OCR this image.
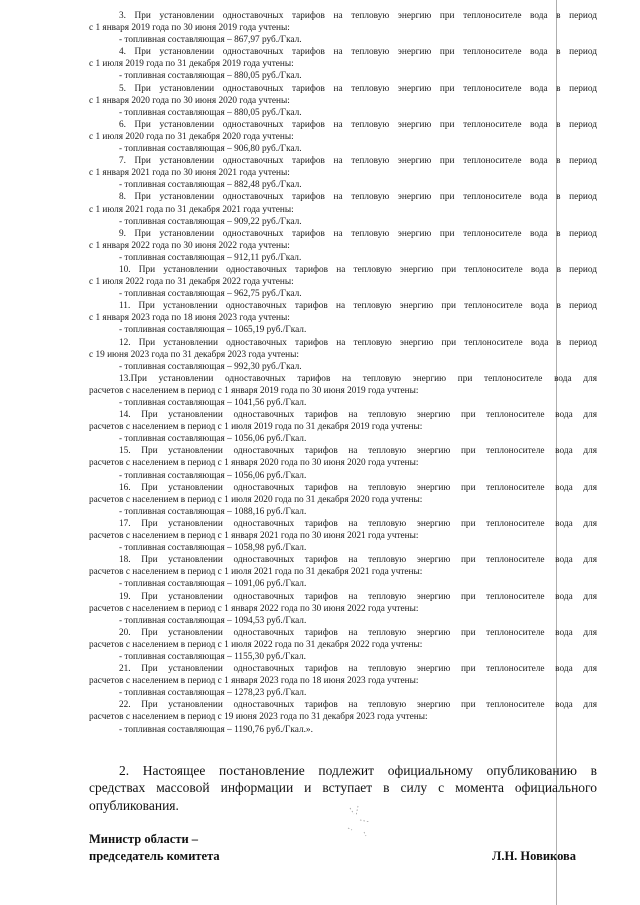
3. При установлении одноставочных тарифов на тепловую энергию при теплоносителе вода в период

с 1 января 2019 года по 30 июня 2019 года учтены:

- топливная составляющая – 867,97 руб./Гкал.

4. При установлении одноставочных тарифов на тепловую энергию при теплоносителе вода в период

с 1 июля 2019 года по 31 декабря 2019 года учтены:

- топливная составляющая – 880,05 руб./Гкал.

5. При установлении одноставочных тарифов на тепловую энергию при теплоносителе вода в период

с 1 января 2020 года по 30 июня 2020 года учтены:

- топливная составляющая – 880,05 руб./Гкал.

6. При установлении одноставочных тарифов на тепловую энергию при теплоносителе вода в период

с 1 июля 2020 года по 31 декабря 2020 года учтены:

- топливная составляющая – 906,80 руб./Гкал.

7. При установлении одноставочных тарифов на тепловую энергию при теплоносителе вода в период

с 1 января 2021 года по 30 июня 2021 года учтены:

- топливная составляющая – 882,48 руб./Гкал.

8. При установлении одноставочных тарифов на тепловую энергию при теплоносителе вода в период

с 1 июля 2021 года по 31 декабря 2021 года учтены:

- топливная составляющая – 909,22 руб./Гкал.

9. При установлении одноставочных тарифов на тепловую энергию при теплоносителе вода в период

с 1 января 2022 года по 30 июня 2022 года учтены:

- топливная составляющая – 912,11 руб./Гкал.

10. При установлении одноставочных тарифов на тепловую энергию при теплоносителе вода в период

с 1 июля 2022 года по 31 декабря 2022 года учтены:

- топливная составляющая – 962,75 руб./Гкал.

11. При установлении одноставочных тарифов на тепловую энергию при теплоносителе вода в период

с 1 января 2023 года по 18 июня 2023 года учтены:

- топливная составляющая – 1065,19 руб./Гкал.

12. При установлении одноставочных тарифов на тепловую энергию при теплоносителе вода в период

с 19 июня 2023 года по 31 декабря 2023 года учтены:

- топливная составляющая – 992,30 руб./Гкал.

13.При установлении одноставочных тарифов на тепловую энергию при теплоносителе вода для

расчетов с населением в период с 1 января 2019 года по 30 июня 2019 года учтены:

- топливная составляющая – 1041,56 руб./Гкал.

14. При установлении одноставочных тарифов на тепловую энергию при теплоносителе вода для

расчетов с населением в период с 1 июля 2019 года по 31 декабря 2019 года учтены:

- топливная составляющая – 1056,06 руб./Гкал.

15. При установлении одноставочных тарифов на тепловую энергию при теплоносителе вода для

расчетов с населением в период с 1 января 2020 года по 30 июня 2020 года учтены:

- топливная составляющая – 1056,06 руб./Гкал.

16. При установлении одноставочных тарифов на тепловую энергию при теплоносителе вода для

расчетов с населением в период с 1 июля 2020 года по 31 декабря 2020 года учтены:

- топливная составляющая – 1088,16 руб./Гкал.

17. При установлении одноставочных тарифов на тепловую энергию при теплоносителе вода для

расчетов с населением в период с 1 января 2021 года по 30 июня 2021 года учтены:

- топливная составляющая – 1058,98 руб./Гкал.

18. При установлении одноставочных тарифов на тепловую энергию при теплоносителе вода для

расчетов с населением в период с 1 июля 2021 года по 31 декабря 2021 года учтены:

- топливная составляющая – 1091,06 руб./Гкал.

19. При установлении одноставочных тарифов на тепловую энергию при теплоносителе вода для

расчетов с населением в период с 1 января 2022 года по 30 июня 2022 года учтены:

- топливная составляющая – 1094,53 руб./Гкал.

20. При установлении одноставочных тарифов на тепловую энергию при теплоносителе вода для

расчетов с населением в период с 1 июля 2022 года по 31 декабря 2022 года учтены:

- топливная составляющая – 1155,30 руб./Гкал.

21. При установлении одноставочных тарифов на тепловую энергию при теплоносителе вода для

расчетов с населением в период с 1 января 2023 года по 18 июня 2023 года учтены:

- топливная составляющая – 1278,23 руб./Гкал.

22. При установлении одноставочных тарифов на тепловую энергию при теплоносителе вода для

расчетов с населением в период с 19 июня 2023 года по 31 декабря 2023 года учтены:

- топливная составляющая – 1190,76 руб./Гкал.».

2. Настоящее постановление подлежит официальному опубликованию в

средствах массовой информации и вступает в силу с момента официального

опубликования.

Министр области –
председатель комитета	Л.Н. Новикова
